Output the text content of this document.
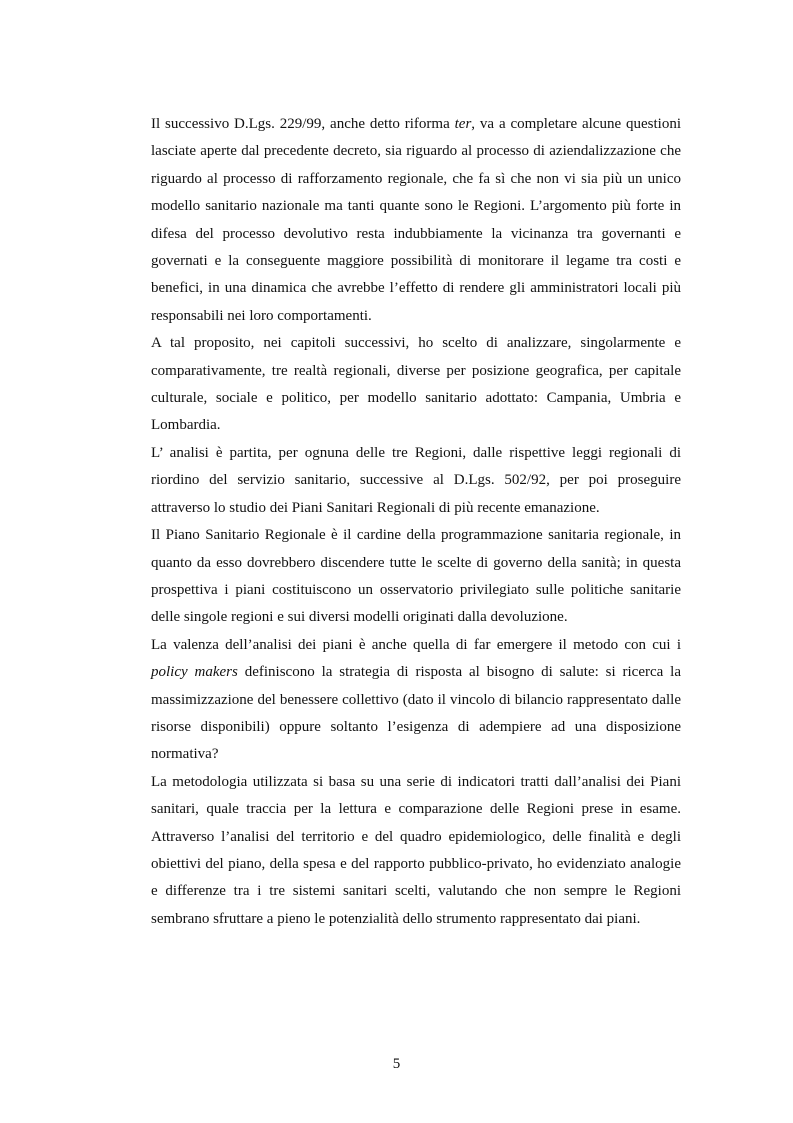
Il successivo D.Lgs. 229/99, anche detto riforma ter, va a completare alcune questioni lasciate aperte dal precedente decreto, sia riguardo al processo di aziendalizzazione che riguardo al processo di rafforzamento regionale, che fa sì che non vi sia più un unico modello sanitario nazionale ma tanti quante sono le Regioni. L’argomento più forte in difesa del processo devolutivo resta indubbiamente la vicinanza tra governanti e governati e la conseguente maggiore possibilità di monitorare il legame tra costi e benefici, in una dinamica che avrebbe l’effetto di rendere gli amministratori locali più responsabili nei loro comportamenti.

A tal proposito, nei capitoli successivi, ho scelto di analizzare, singolarmente e comparativamente, tre realtà regionali, diverse per posizione geografica, per capitale culturale, sociale e politico, per modello sanitario adottato: Campania, Umbria e Lombardia.

L’ analisi è partita, per ognuna delle tre Regioni, dalle rispettive leggi regionali di riordino del servizio sanitario, successive al D.Lgs. 502/92, per poi proseguire attraverso lo studio dei Piani Sanitari Regionali di più recente emanazione.

Il Piano Sanitario Regionale è il cardine della programmazione sanitaria regionale, in quanto da esso dovrebbero discendere tutte le scelte di governo della sanità; in questa prospettiva i piani costituiscono un osservatorio privilegiato sulle politiche sanitarie delle singole regioni e sui diversi modelli originati dalla devoluzione.

La valenza dell’analisi dei piani è anche quella di far emergere il metodo con cui i policy makers definiscono la strategia di risposta al bisogno di salute: si ricerca la massimizzazione del benessere collettivo (dato il vincolo di bilancio rappresentato dalle risorse disponibili) oppure soltanto l’esigenza di adempiere ad una disposizione normativa?

La metodologia utilizzata si basa su una serie di indicatori tratti dall’analisi dei Piani sanitari, quale traccia per la lettura e comparazione delle Regioni prese in esame. Attraverso l’analisi del territorio e del quadro epidemiologico, delle finalità e degli obiettivi del piano, della spesa e del rapporto pubblico-privato, ho evidenziato analogie e differenze tra i tre sistemi sanitari scelti, valutando che non sempre le Regioni sembrano sfruttare a pieno le potenzialità dello strumento rappresentato dai piani.

5
